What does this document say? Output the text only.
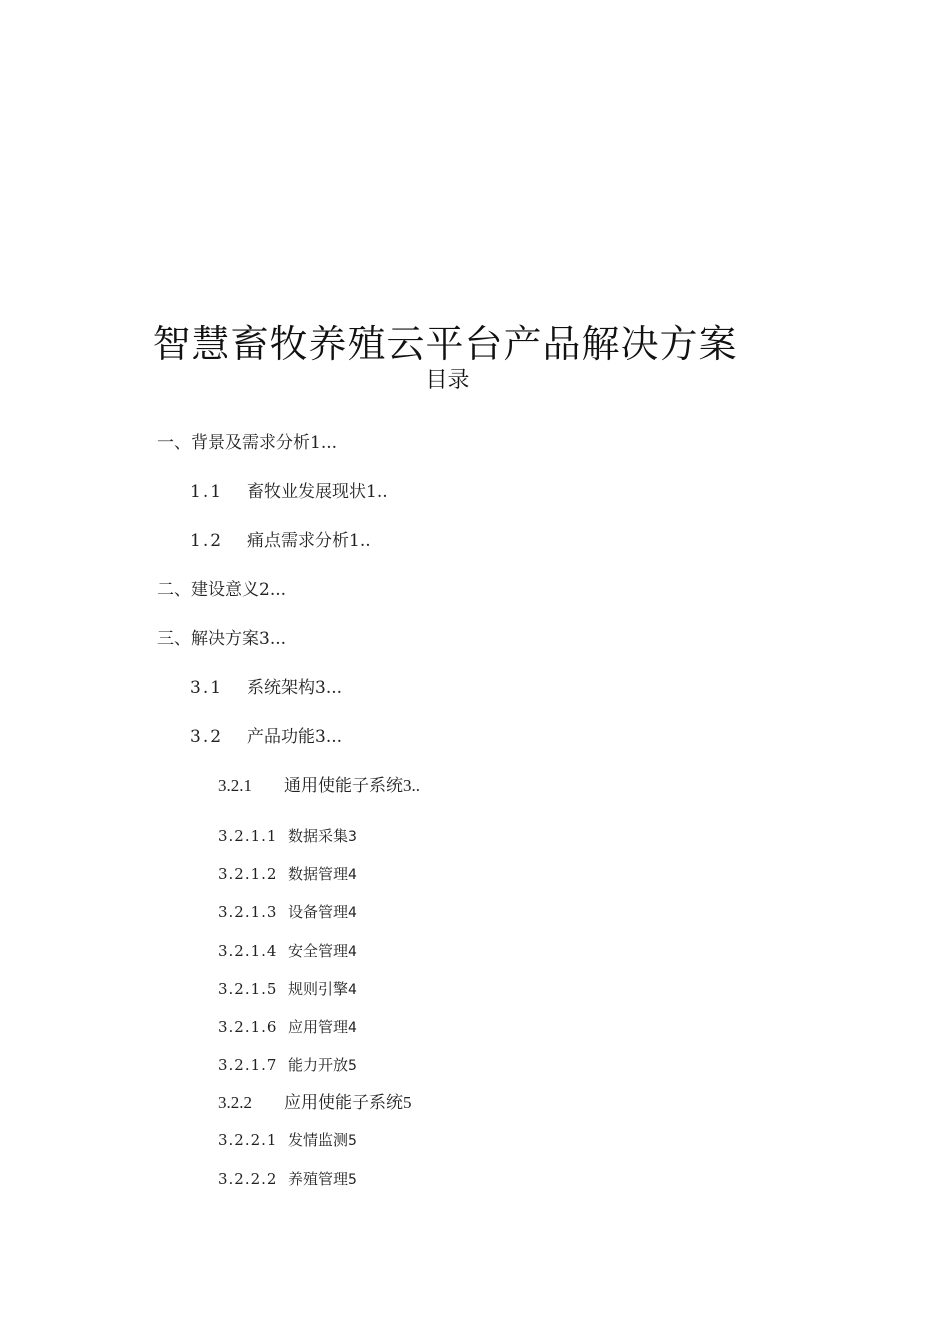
智慧畜牧养殖云平台产品解决方案
目录
一、背景及需求分析1...
1.1 畜牧业发展现状1..
1.2 痛点需求分析1..
二、建设意义2...
三、解决方案3...
3.1 系统架构3...
3.2 产品功能3...
3.2.1 通用使能子系统3..
3.2.1.1 数据采集3
3.2.1.2 数据管理4
3.2.1.3 设备管理4
3.2.1.4 安全管理4
3.2.1.5 规则引擎4
3.2.1.6 应用管理4
3.2.1.7 能力开放5
3.2.2 应用使能子系统5
3.2.2.1 发情监测5
3.2.2.2 养殖管理5
